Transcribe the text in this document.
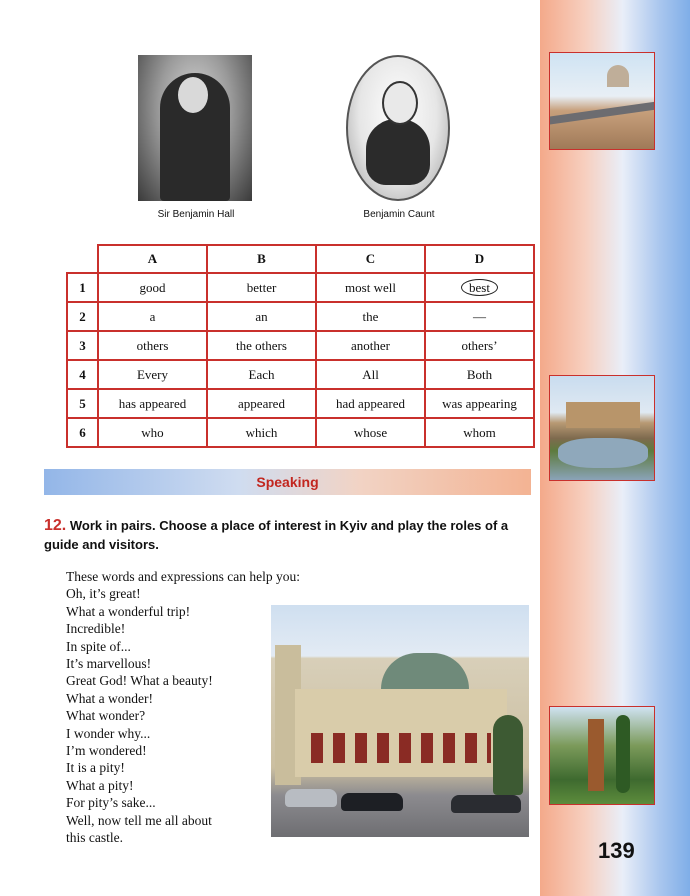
Sir Benjamin Hall	Benjamin Caunt
	A	B	C	D
1	good	better	most well	best
2	a	an	the	—
3	others	the others	another	others’
4	Every	Each	All	Both
5	has appeared	appeared	had appeared	was appearing
6	who	which	whose	whom
Speaking
12. Work in pairs. Choose a place of interest in Kyiv and play the roles of a guide and visitors.
These words and expressions can help you:
Oh, it’s great!
What a wonderful trip!
Incredible!
In spite of...
It’s marvellous!
Great God! What a beauty!
What a wonder!
What wonder?
I wonder why...
I’m wondered!
It is a pity!
What a pity!
For pity’s sake...
Well, now tell me all about
this castle.
139
